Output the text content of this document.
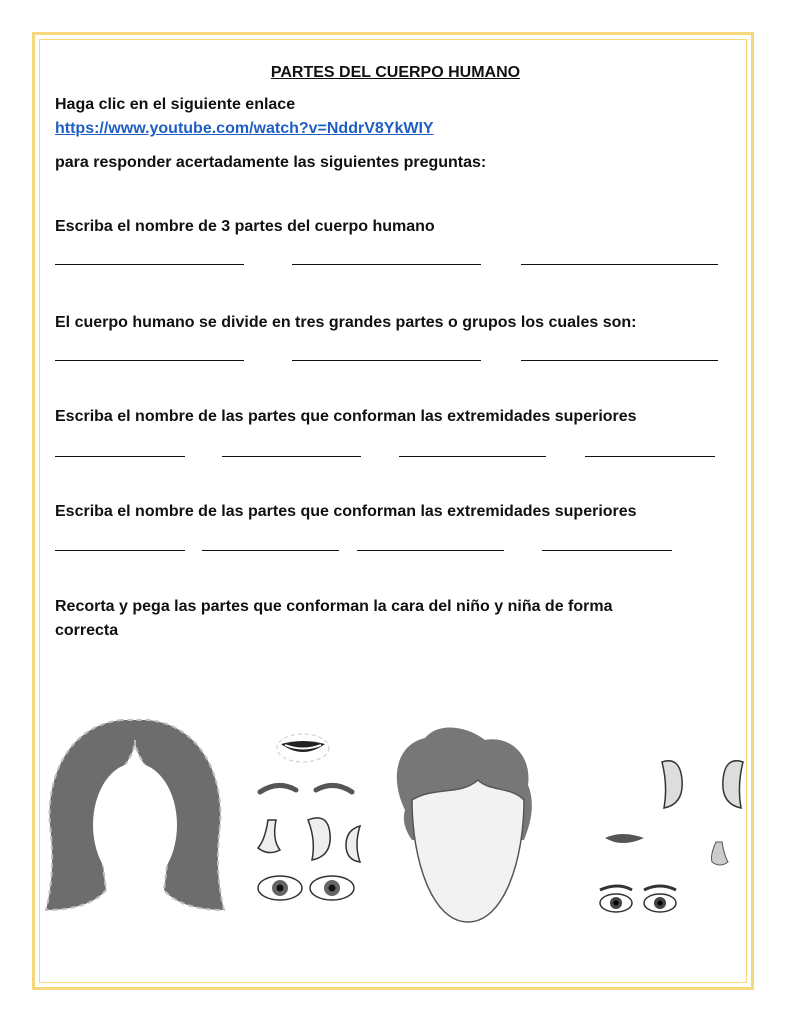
PARTES DEL CUERPO HUMANO
Haga clic en el siguiente enlace
https://www.youtube.com/watch?v=NddrV8YkWIY
para responder acertadamente las siguientes preguntas:
Escriba el nombre de 3 partes del cuerpo humano
El cuerpo humano se divide en tres grandes partes o grupos los cuales son:
Escriba el nombre de las partes que conforman las extremidades superiores
Escriba el nombre de las partes que conforman las extremidades superiores
Recorta y pega las partes que conforman la cara del niño y niña de forma
correcta
